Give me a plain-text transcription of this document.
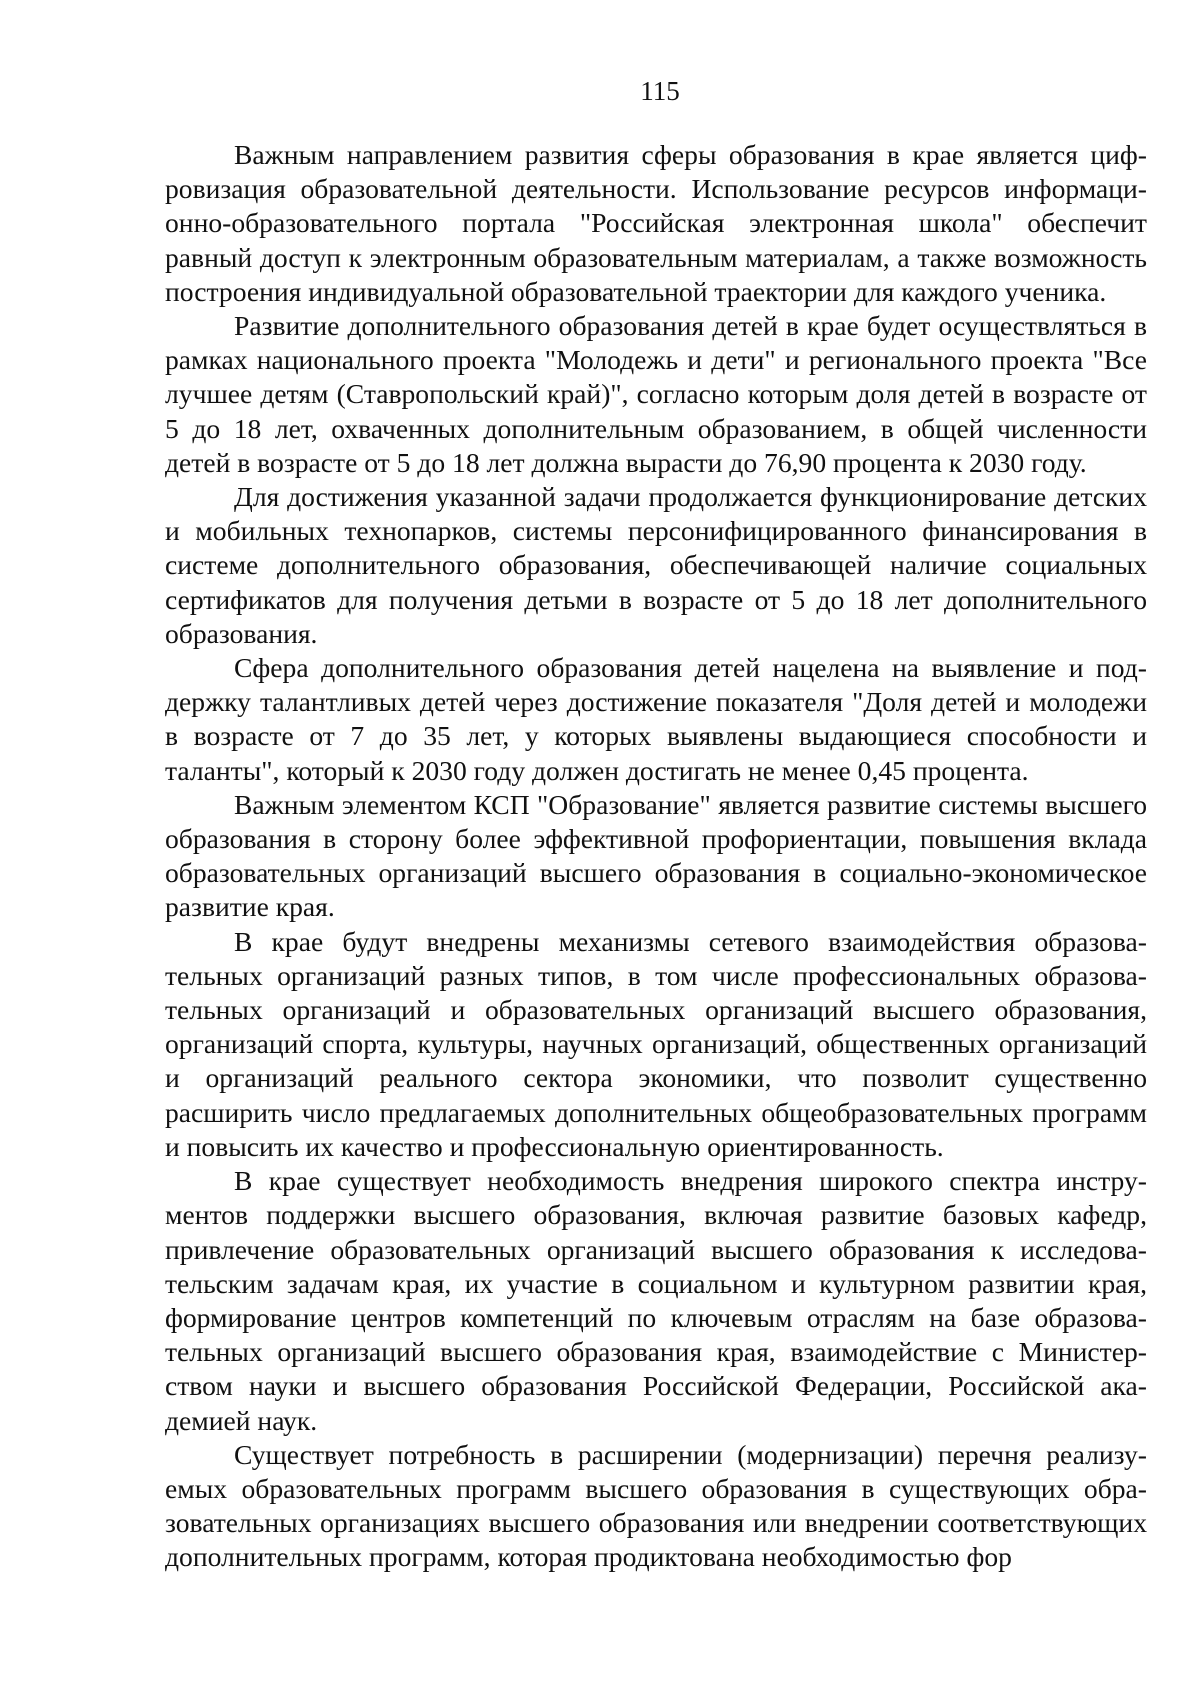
115

Важным направлением развития сферы образования в крае является цифровизация образовательной деятельности. Использование ресурсов информационно-образовательного портала "Российская электронная школа" обеспечит равный доступ к электронным образовательным материалам, а также возможность построения индивидуальной образовательной траектории для каждого ученика.

Развитие дополнительного образования детей в крае будет осуществляться в рамках национального проекта "Молодежь и дети" и регионального проекта "Все лучшее детям (Ставропольский край)", согласно которым доля детей в возрасте от 5 до 18 лет, охваченных дополнительным образованием, в общей численности детей в возрасте от 5 до 18 лет должна вырасти до 76,90 процента к 2030 году.

Для достижения указанной задачи продолжается функционирование детских и мобильных технопарков, системы персонифицированного финансирования в системе дополнительного образования, обеспечивающей наличие социальных сертификатов для получения детьми в возрасте от 5 до 18 лет дополнительного образования.

Сфера дополнительного образования детей нацелена на выявление и поддержку талантливых детей через достижение показателя "Доля детей и молодежи в возрасте от 7 до 35 лет, у которых выявлены выдающиеся способности и таланты", который к 2030 году должен достигать не менее 0,45 процента.

Важным элементом КСП "Образование" является развитие системы высшего образования в сторону более эффективной профориентации, повышения вклада образовательных организаций высшего образования в социально-экономическое развитие края.

В крае будут внедрены механизмы сетевого взаимодействия образовательных организаций разных типов, в том числе профессиональных образовательных организаций и образовательных организаций высшего образования, организаций спорта, культуры, научных организаций, общественных организаций и организаций реального сектора экономики, что позволит существенно расширить число предлагаемых дополнительных общеобразовательных программ и повысить их качество и профессиональную ориентированность.

В крае существует необходимость внедрения широкого спектра инструментов поддержки высшего образования, включая развитие базовых кафедр, привлечение образовательных организаций высшего образования к исследовательским задачам края, их участие в социальном и культурном развитии края, формирование центров компетенций по ключевым отраслям на базе образовательных организаций высшего образования края, взаимодействие с Министерством науки и высшего образования Российской Федерации, Российской академией наук.

Существует потребность в расширении (модернизации) перечня реализуемых образовательных программ высшего образования в существующих образовательных организациях высшего образования или внедрении соответствующих дополнительных программ, которая продиктована необходимостью фор
